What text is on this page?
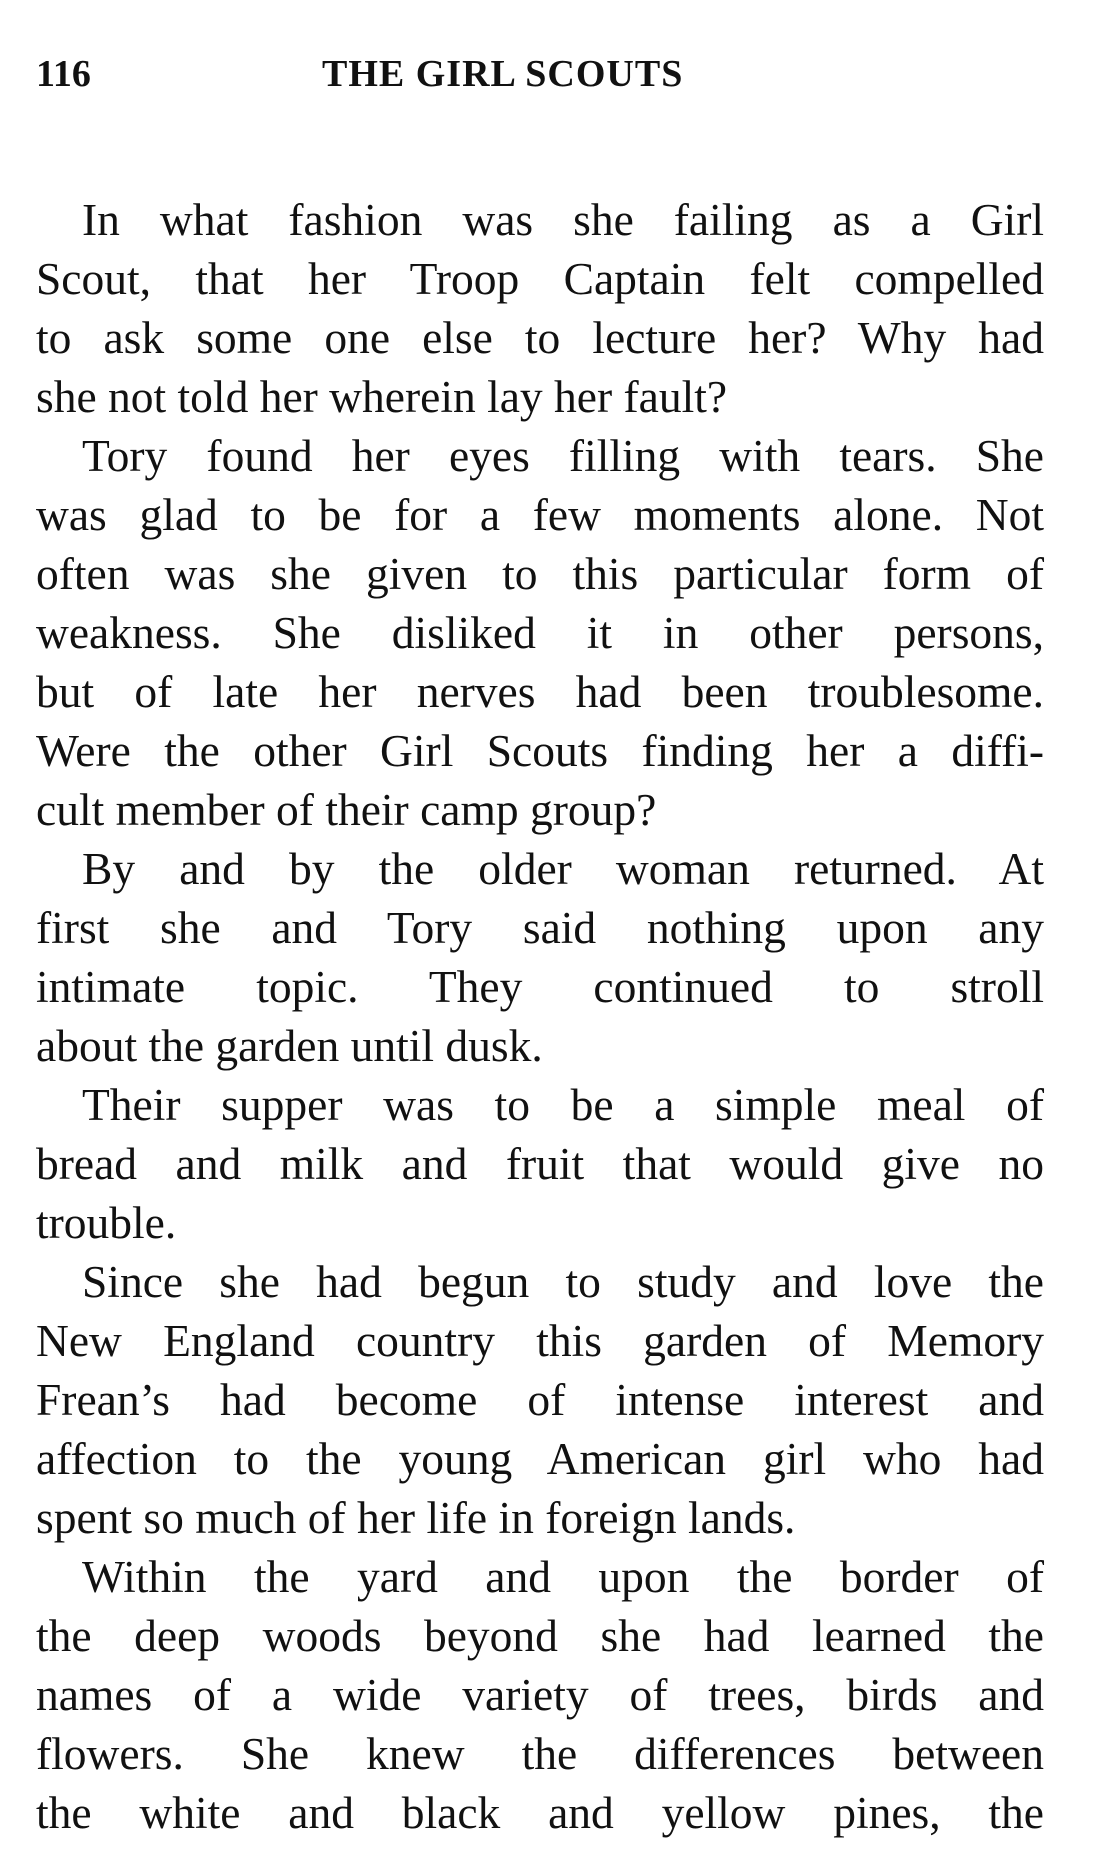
116	THE GIRL SCOUTS
In what fashion was she failing as a Girl
Scout, that her Troop Captain felt compelled
to ask some one else to lecture her? Why had
she not told her wherein lay her fault?
Tory found her eyes filling with tears. She
was glad to be for a few moments alone. Not
often was she given to this particular form of
weakness. She disliked it in other persons,
but of late her nerves had been troublesome.
Were the other Girl Scouts finding her a diffi-
cult member of their camp group?
By and by the older woman returned. At
first she and Tory said nothing upon any
intimate topic. They continued to stroll
about the garden until dusk.
Their supper was to be a simple meal of
bread and milk and fruit that would give no
trouble.
Since she had begun to study and love the
New England country this garden of Memory
Frean’s had become of intense interest and
affection to the young American girl who had
spent so much of her life in foreign lands.
Within the yard and upon the border of
the deep woods beyond she had learned the
names of a wide variety of trees, birds and
flowers. She knew the differences between
the white and black and yellow pines, the
